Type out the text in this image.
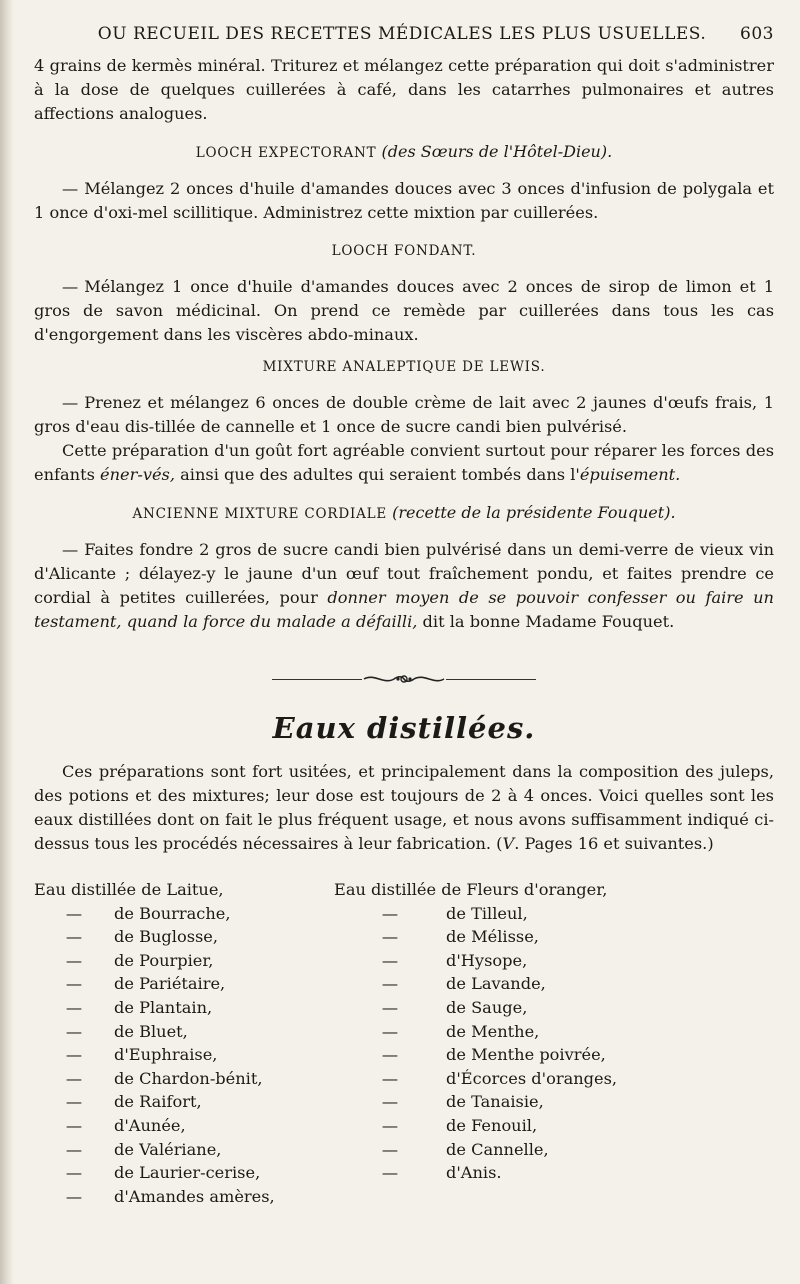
OU RECUEIL DES RECETTES MÉDICALES LES PLUS USUELLES.	603

4 grains de kermès minéral. Triturez et mélangez cette préparation qui doit s'administrer à la dose de quelques cuillerées à café, dans les catarrhes pulmonaires et autres affections analogues.

LOOCH EXPECTORANT (des Sœurs de l'Hôtel-Dieu).

— Mélangez 2 onces d'huile d'amandes douces avec 3 onces d'infusion de polygala et 1 once d'oxi-mel scillitique. Administrez cette mixtion par cuillerées.

LOOCH FONDANT.

— Mélangez 1 once d'huile d'amandes douces avec 2 onces de sirop de limon et 1 gros de savon médicinal. On prend ce remède par cuillerées dans tous les cas d'engorgement dans les viscères abdo-minaux.

MIXTURE ANALEPTIQUE DE LEWIS.

— Prenez et mélangez 6 onces de double crème de lait avec 2 jaunes d'œufs frais, 1 gros d'eau dis-tillée de cannelle et 1 once de sucre candi bien pulvérisé.

Cette préparation d'un goût fort agréable convient surtout pour réparer les forces des enfants éner-vés, ainsi que des adultes qui seraient tombés dans l'épuisement.

ANCIENNE MIXTURE CORDIALE (recette de la présidente Fouquet).

— Faites fondre 2 gros de sucre candi bien pulvérisé dans un demi-verre de vieux vin d'Alicante ; délayez-y le jaune d'un œuf tout fraîchement pondu, et faites prendre ce cordial à petites cuillerées, pour donner moyen de se pouvoir confesser ou faire un testament, quand la force du malade a défailli, dit la bonne Madame Fouquet.

Eaux distillées.

Ces préparations sont fort usitées, et principalement dans la composition des juleps, des potions et des mixtures; leur dose est toujours de 2 à 4 onces. Voici quelles sont les eaux distillées dont on fait le plus fréquent usage, et nous avons suffisamment indiqué ci-dessus tous les procédés nécessaires à leur fabrication. (V. Pages 16 et suivantes.)

Eau distillée de Laitue,
—	de Bourrache,
—	de Buglosse,
—	de Pourpier,
—	de Pariétaire,
—	de Plantain,
—	de Bluet,
—	d'Euphraise,
—	de Chardon-bénit,
—	de Raifort,
—	d'Aunée,
—	de Valériane,
—	de Laurier-cerise,
—	d'Amandes amères,
Eau distillée de Fleurs d'oranger,
—	de Tilleul,
—	de Mélisse,
—	d'Hysope,
—	de Lavande,
—	de Sauge,
—	de Menthe,
—	de Menthe poivrée,
—	d'Écorces d'oranges,
—	de Tanaisie,
—	de Fenouil,
—	de Cannelle,
—	d'Anis.
